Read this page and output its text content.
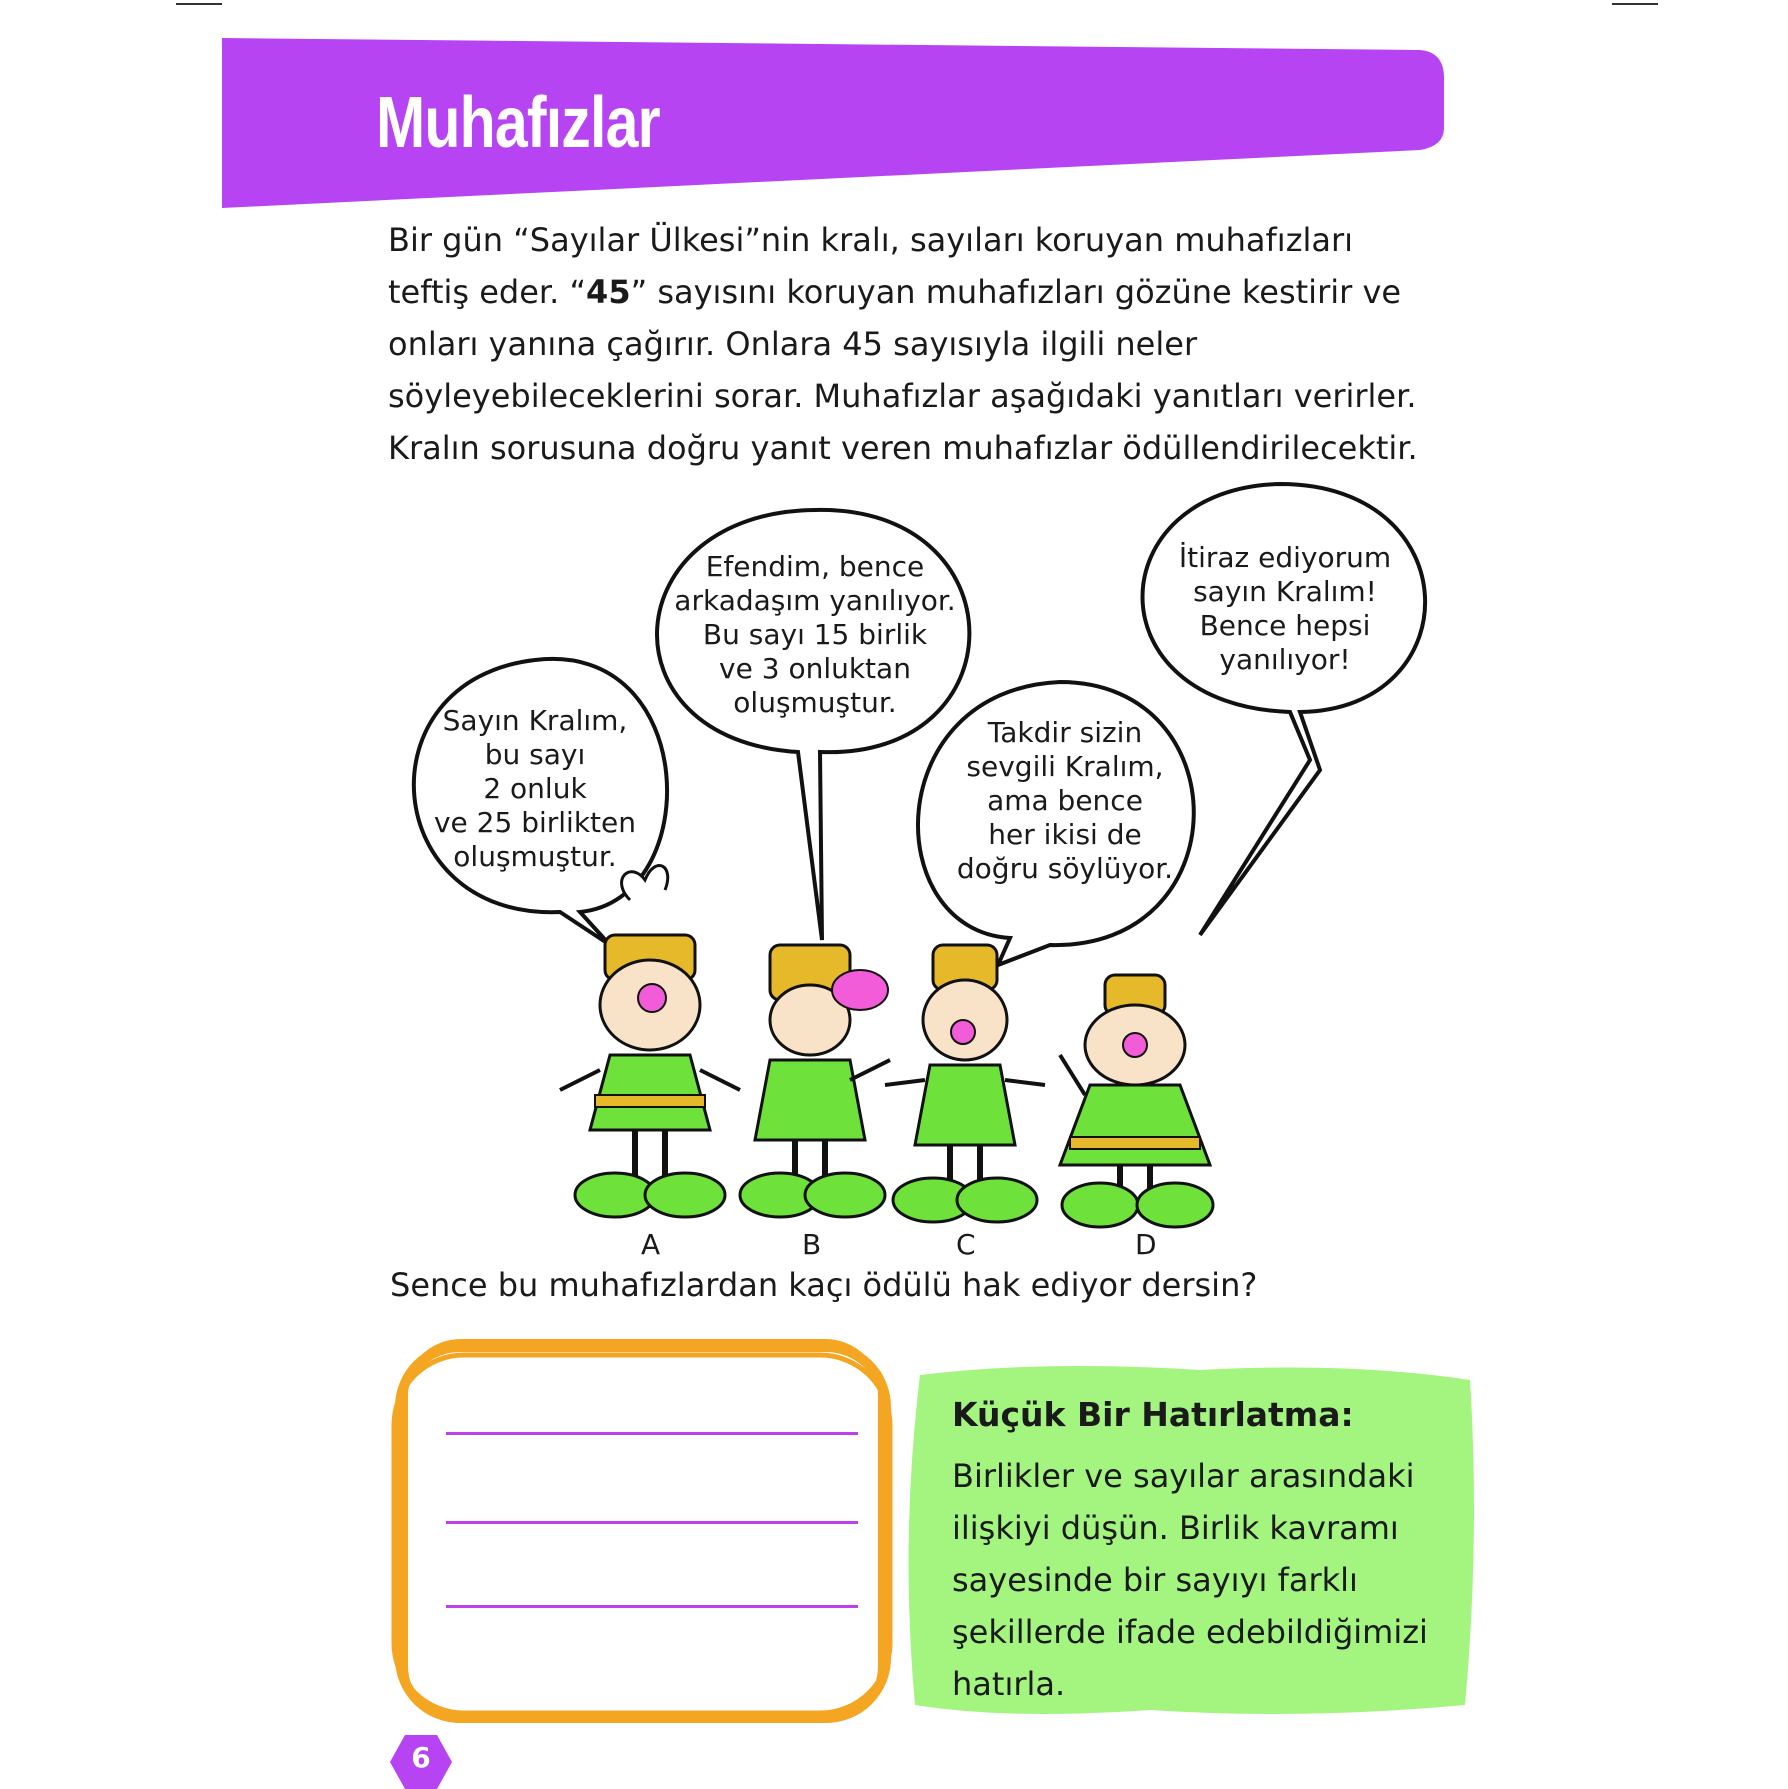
Muhafızlar

Bir gün “Sayılar Ülkesi”nin kralı, sayıları koruyan muhafızları teftiş eder. “45” sayısını koruyan muhafızları gözüne kestirir ve onları yanına çağırır. Onlara 45 sayısıyla ilgili neler söyleyebileceklerini sorar. Muhafızlar aşağıdaki yanıtları verirler. Kralın sorusuna doğru yanıt veren muhafızlar ödüllendirilecektir.

Sayın Kralım,
bu sayı
2 onluk
ve 25 birlikten
oluşmuştur.
Efendim, bence
arkadaşım yanılıyor.
Bu sayı 15 birlik
ve 3 onluktan
oluşmuştur.
Takdir sizin
sevgili Kralım,
ama bence
her ikisi de
doğru söylüyor.
İtiraz ediyorum
sayın Kralım!
Bence hepsi
yanılıyor!
A	B	C	D
Sence bu muhafızlardan kaçı ödülü hak ediyor dersin?
Küçük Bir Hatırlatma:
Birlikler ve sayılar arasındaki ilişkiyi düşün. Birlik kavramı sayesinde bir sayıyı farklı şekillerde ifade edebildiğimizi hatırla.
6
